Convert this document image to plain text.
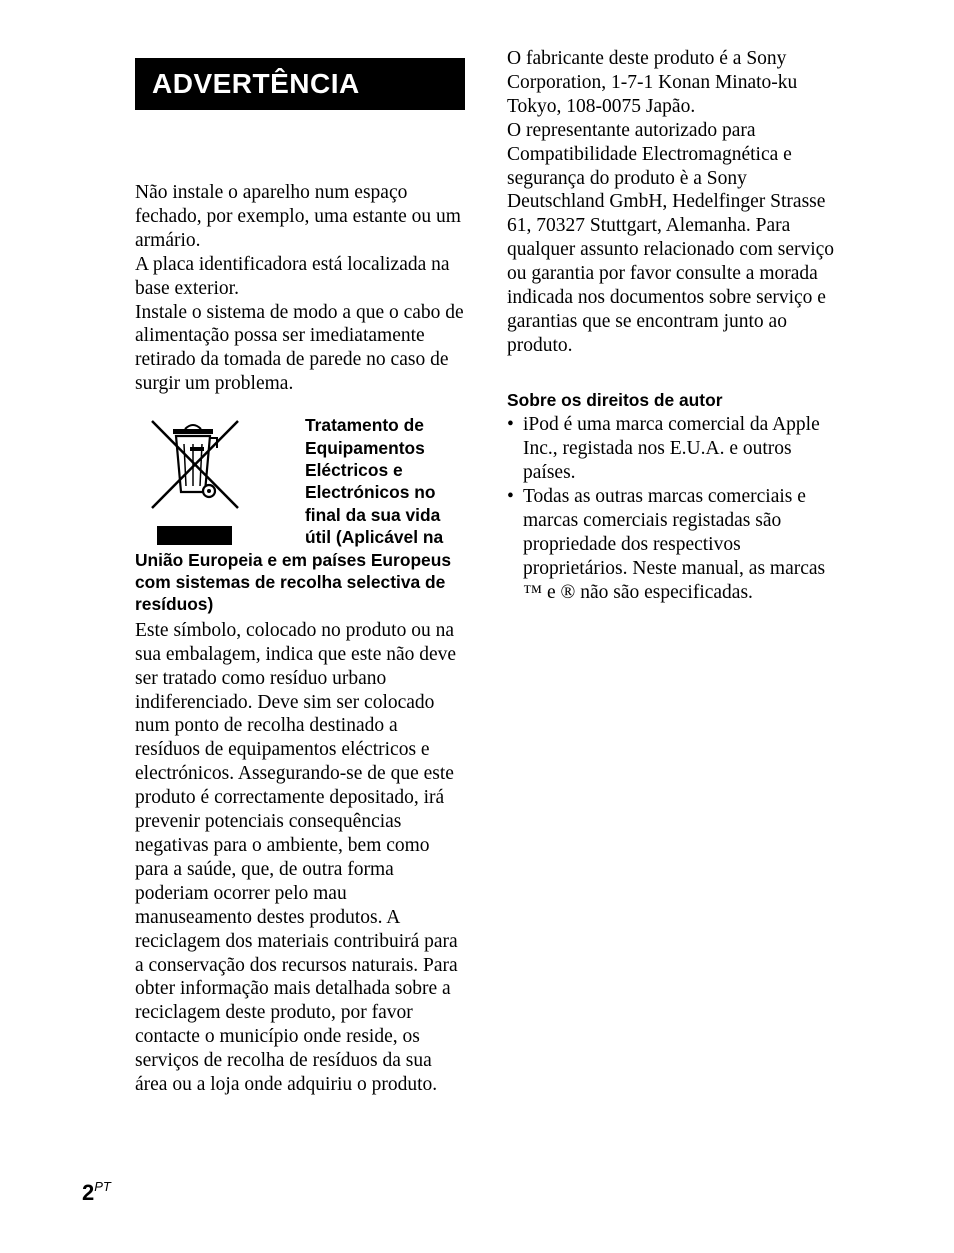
ADVERTÊNCIA

Não instale o aparelho num espaço fechado, por exemplo, uma estante ou um armário.

A placa identificadora está localizada na base exterior.

Instale o sistema de modo a que o cabo de alimentação possa ser imediatamente retirado da tomada de parede no caso de surgir um problema.

Tratamento de Equipamentos Eléctricos e Electrónicos no final da sua vida útil (Aplicável na União Europeia e em países Europeus com sistemas de recolha selectiva de resíduos)

Este símbolo, colocado no produto ou na sua embalagem, indica que este não deve ser tratado como resíduo urbano indiferenciado. Deve sim ser colocado num ponto de recolha destinado a resíduos de equipamentos eléctricos e electrónicos. Assegurando-se de que este produto é correctamente depositado, irá prevenir potenciais consequências negativas para o ambiente, bem como para a saúde, que, de outra forma poderiam ocorrer pelo mau manuseamento destes produtos. A reciclagem dos materiais contribuirá para a conservação dos recursos naturais. Para obter informação mais detalhada sobre a reciclagem deste produto, por favor contacte o município onde reside, os serviços de recolha de resíduos da sua área ou a loja onde adquiriu o produto.

O fabricante deste produto é a Sony Corporation, 1-7-1 Konan Minato-ku Tokyo, 108-0075 Japão.

O representante autorizado para Compatibilidade Electromagnética e segurança do produto è a Sony Deutschland GmbH, Hedelfinger Strasse 61, 70327 Stuttgart, Alemanha. Para qualquer assunto relacionado com serviço ou garantia por favor consulte a morada indicada nos documentos sobre serviço e garantias que se encontram junto ao produto.

Sobre os direitos de autor

• iPod é uma marca comercial da Apple Inc., registada nos E.U.A. e outros países.
• Todas as outras marcas comerciais e marcas comerciais registadas são propriedade dos respectivos proprietários. Neste manual, as marcas ™ e ® não são especificadas.
$2^{PT}$
